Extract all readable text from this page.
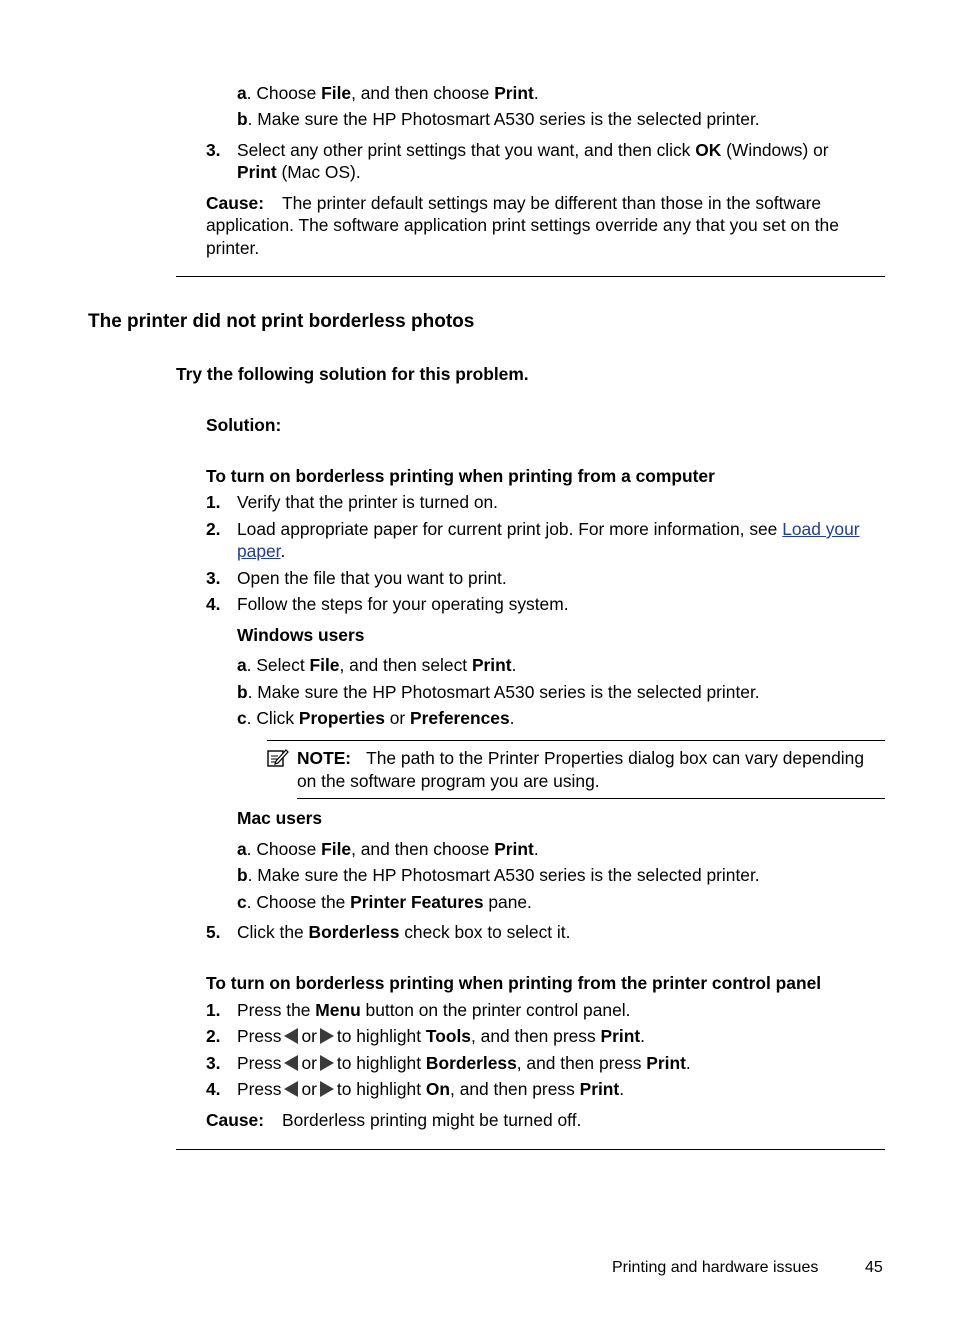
a. Choose File, and then choose Print.
b. Make sure the HP Photosmart A530 series is the selected printer.
3. Select any other print settings that you want, and then click OK (Windows) or
Print (Mac OS).
Cause: The printer default settings may be different than those in the software
application. The software application print settings override any that you set on the
printer.
The printer did not print borderless photos
Try the following solution for this problem.
Solution:
To turn on borderless printing when printing from a computer
1. Verify that the printer is turned on.
2. Load appropriate paper for current print job. For more information, see Load your
paper.
3. Open the file that you want to print.
4. Follow the steps for your operating system.
Windows users
a. Select File, and then select Print.
b. Make sure the HP Photosmart A530 series is the selected printer.
c. Click Properties or Preferences.
NOTE: The path to the Printer Properties dialog box can vary depending
on the software program you are using.
Mac users
a. Choose File, and then choose Print.
b. Make sure the HP Photosmart A530 series is the selected printer.
c. Choose the Printer Features pane.
5. Click the Borderless check box to select it.
To turn on borderless printing when printing from the printer control panel
1. Press the Menu button on the printer control panel.
2. Press or to highlight Tools, and then press Print.
3. Press or to highlight Borderless, and then press Print.
4. Press or to highlight On, and then press Print.
Cause: Borderless printing might be turned off.
Printing and hardware issues	45
